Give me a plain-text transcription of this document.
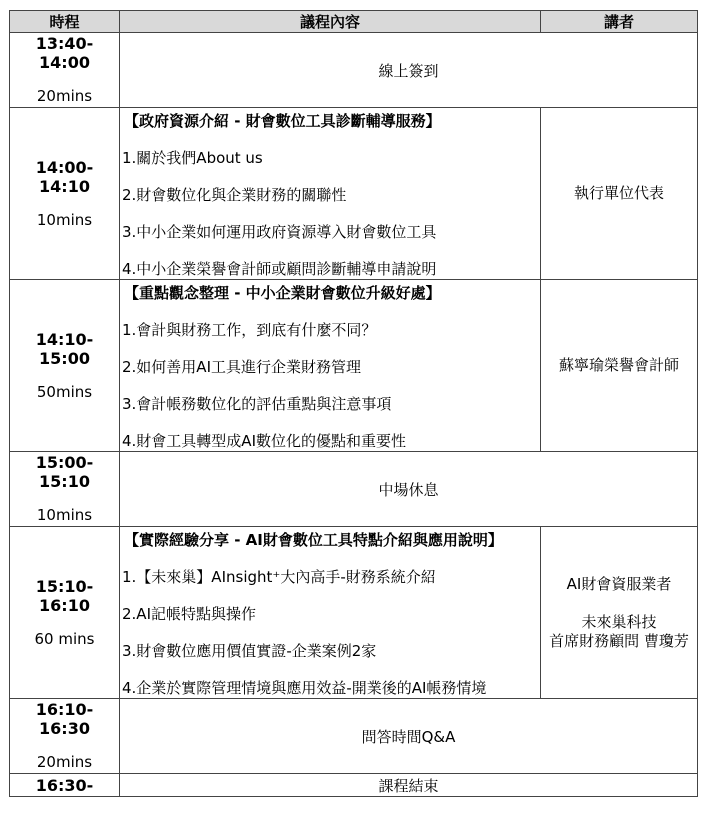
時程	議程內容	講者

13:40-
14:00
20mins	線上簽到	

14:00-
14:10
10mins	【政府資源介紹 - 財會數位工具診斷輔導服務】
1.關於我們About us
2.財會數位化與企業財務的關聯性
3.中小企業如何運用政府資源導入財會數位工具
4.中小企業榮譽會計師或顧問診斷輔導申請說明	執行單位代表

14:10-
15:00
50mins	【重點觀念整理 - 中小企業財會數位升級好處】
1.會計與財務工作，到底有什麼不同？
2.如何善用AI工具進行企業財務管理
3.會計帳務數位化的評估重點與注意事項
4.財會工具轉型成AI數位化的優點和重要性	蘇寧瑜榮譽會計師

15:00-
15:10
10mins	中場休息	

15:10-
16:10
60 mins	【實際經驗分享 - AI財會數位工具特點介紹與應用說明】
1.【未來巢】AInsight⁺大內高手-財務系統介紹
2.AI記帳特點與操作
3.財會數位應用價值實證-企業案例2家
4.企業於實際管理情境與應用效益-開業後的AI帳務情境	AI財會資服業者
未來巢科技
首席財務顧問 曹瓊芳

16:10-
16:30
20mins	問答時間Q&A	

16:30-	課程結束	
